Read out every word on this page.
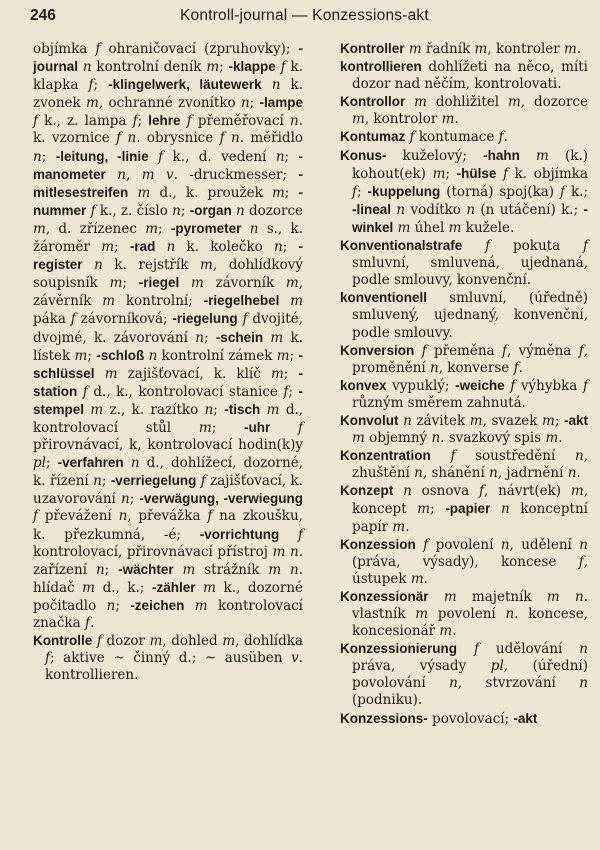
246	Kontroll-journal — Konzessions-akt

objímka f ohraničovací (zpruhovky); -journal n kontrolní deník m; -klappe f k. klapka f; -klingelwerk, läutewerk n k. zvonek m, ochranné zvonítko n; -lampe f k., z. lampa f; lehre f přeměřovací n. k. vzornice f n. obrysnice f n. měřidlo n; -leitung, -linie f k., d. vedení n; -manometer n, m v. -druckmesser; -mitlesestreifen m d., k. proužek m; -nummer f k., z. číslo n; -organ n dozorce m, d. zřízenec m; -pyrometer n s., k. žároměr m; -rad n k. kolečko n; -register n k. rejstřík m, dohlídkový soupisník m; -riegel m závorník m, závěrník m kontrolní; -riegelhebel m páka f závorníková; -riegelung f dvojité, dvojmé, k. závorování n; -schein m k. lístek m; -schloß n kontrolní zámek m; -schlüssel m zajišťovací, k. klíč m; -station f d., k., kontrolovací stanice f; -stempel m z., k. razítko n; -tisch m d., kontrolovací stůl m; -uhr f přirovnávací, k, kontrolovací hodin(k)y pl; -verfahren n d., dohlížecí, dozorné, k. řízení n; -verriegelung f zajišťovací, k. uzavorování n; -verwägung, -verwiegung f převážení n, převážka f na zkoušku, k. přezkumná, -é; -vorrichtung f kontrolovací, přirovnávací přístroj m n. zařízení n; -wächter m strážník m n. hlídač m d., k.; -zähler m k., dozorné počitadlo n; -zeichen m kontrolovací značka f.

Kontrolle f dozor m, dohled m, dohlídka f; aktive ~ činný d.; ~ ausüben v. kontrollieren.

Kontroller m řadník m, kontroler m.

kontrollieren dohlížeti na něco, míti dozor nad něčím, kontrolovati.

Kontrollor m dohližitel m, dozorce m, kontrolor m.

Kontumaz f kontumace f.

Konus- kuželový; -hahn m (k.) kohout(ek) m; -hülse f k. objímka f; -kuppelung (torná) spoj(ka) f k.; -lineal n vodítko n (n utáčení) k.; -winkel m úhel m kužele.

Konventionalstrafe f pokuta f smluvní, smluvená, ujednaná, podle smlouvy, konvenční.

konventionell smluvní, (úředně) smluvený, ujednaný, konvenční, podle smlouvy.

Konversion f přeměna f, výměna f, proměnění n, konverse f.

konvex vypuklý; -weiche f výhybka f různým směrem zahnutá.

Konvolut n závitek m, svazek m; -akt m objemný n. svazkový spis m.

Konzentration f soustředění n, zhuštění n, shánění n, jadrnění n.

Konzept n osnova f, návrt(ek) m, koncept m; -papier n konceptní papír m.

Konzession f povolení n, udělení n (práva, výsady), koncese f, ústupek m.

Konzessionär m majetník m n. vlastník m povolení n. koncese, koncesionář m.

Konzessionierung f udělování n práva, výsady pl, (úřední) povolování n, stvrzování n (podniku).

Konzessions- povolovací; -akt
